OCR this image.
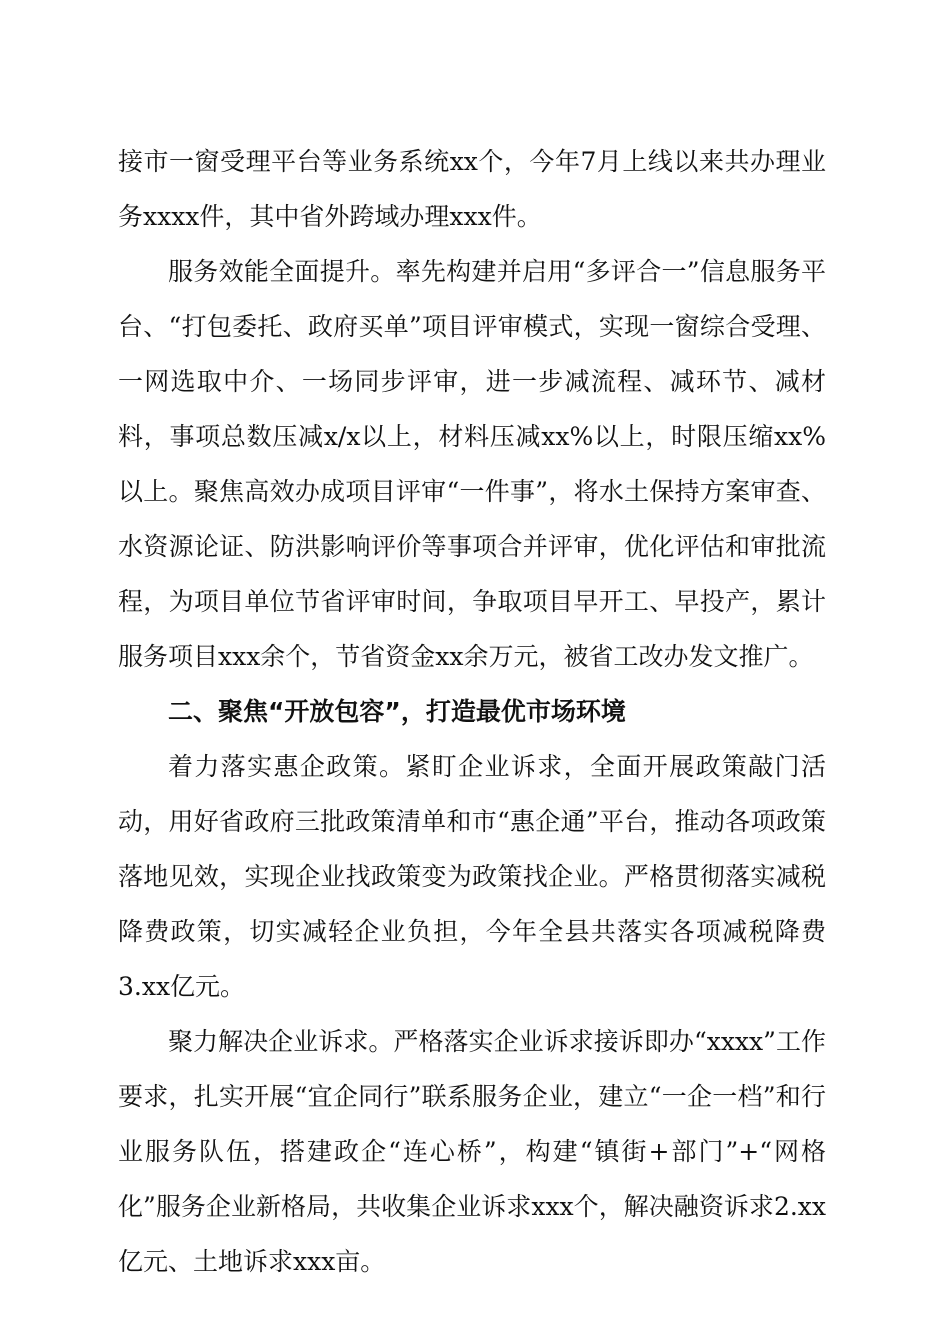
接市一窗受理平台等业务系统xx个，今年7月上线以来共办理业务xxxx件，其中省外跨域办理xxx件。

服务效能全面提升。率先构建并启用“多评合一”信息服务平台、“打包委托、政府买单”项目评审模式，实现一窗综合受理、一网选取中介、一场同步评审，进一步减流程、减环节、减材料，事项总数压减x/x以上，材料压减xx%以上，时限压缩xx%以上。聚焦高效办成项目评审“一件事”，将水土保持方案审查、水资源论证、防洪影响评价等事项合并评审，优化评估和审批流程，为项目单位节省评审时间，争取项目早开工、早投产，累计服务项目xxx余个，节省资金xx余万元，被省工改办发文推广。

二、聚焦“开放包容”，打造最优市场环境

着力落实惠企政策。紧盯企业诉求，全面开展政策敲门活动，用好省政府三批政策清单和市“惠企通”平台，推动各项政策落地见效，实现企业找政策变为政策找企业。严格贯彻落实减税降费政策，切实减轻企业负担，今年全县共落实各项减税降费3.xx亿元。

聚力解决企业诉求。严格落实企业诉求接诉即办“xxxx”工作要求，扎实开展“宜企同行”联系服务企业，建立“一企一档”和行业服务队伍，搭建政企“连心桥”，构建“镇街+部门”+“网格化”服务企业新格局，共收集企业诉求xxx个，解决融资诉求2.xx亿元、土地诉求xxx亩。
